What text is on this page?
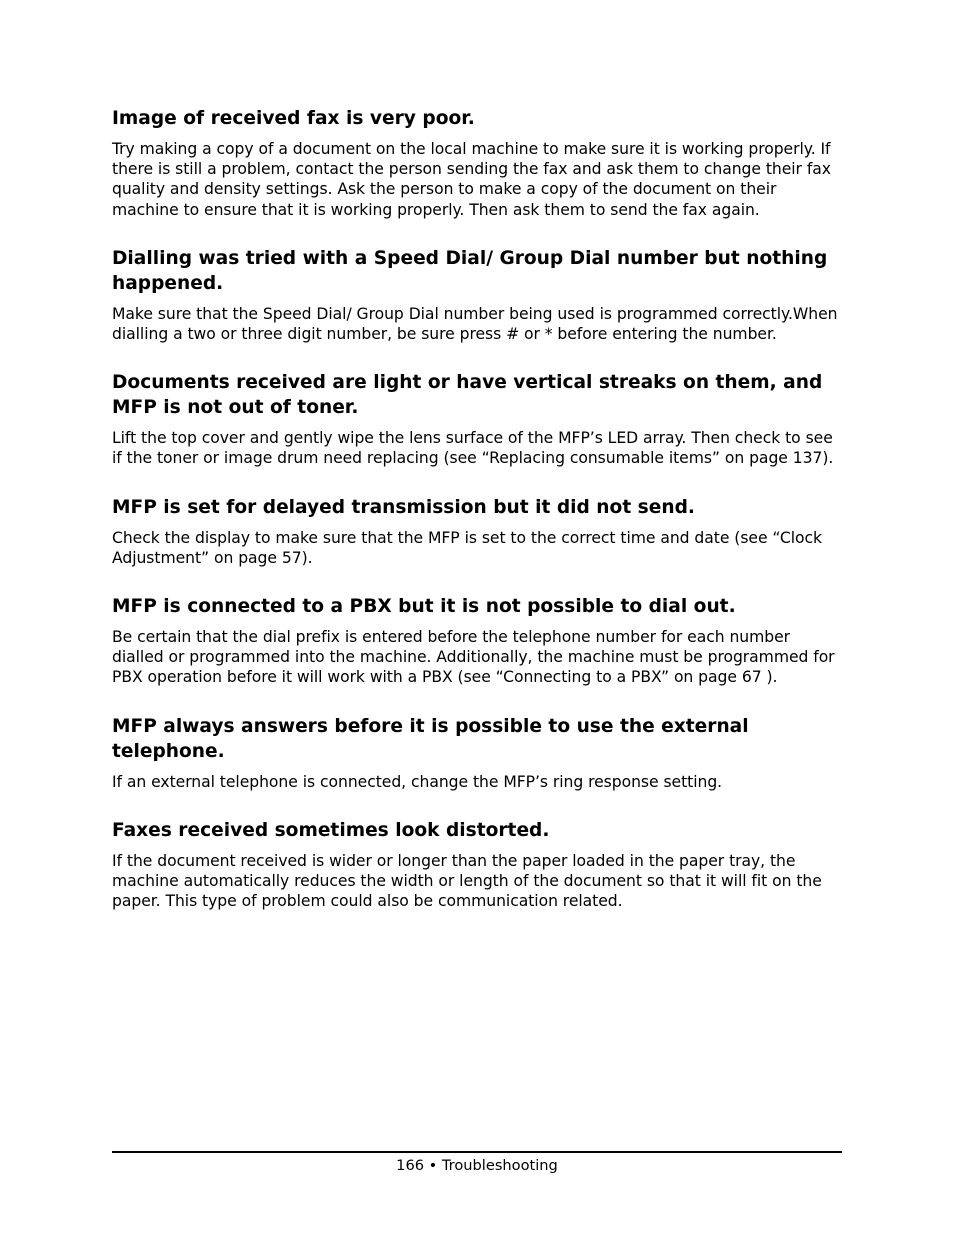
Image of received fax is very poor.

Try making a copy of a document on the local machine to make sure it is working properly. If there is still a problem, contact the person sending the fax and ask them to change their fax quality and density settings. Ask the person to make a copy of the document on their machine to ensure that it is working properly. Then ask them to send the fax again.

Dialling was tried with a Speed Dial/ Group Dial number but nothing happened.

Make sure that the Speed Dial/ Group Dial number being used is programmed correctly.When dialling a two or three digit number, be sure press # or * before entering the number.

Documents received are light or have vertical streaks on them, and MFP is not out of toner.

Lift the top cover and gently wipe the lens surface of the MFP’s LED array. Then check to see if the toner or image drum need replacing (see “Replacing consumable items” on page 137).

MFP is set for delayed transmission but it did not send.

Check the display to make sure that the MFP is set to the correct time and date (see “Clock Adjustment” on page 57).

MFP is connected to a PBX but it is not possible to dial out.

Be certain that the dial prefix is entered before the telephone number for each number dialled or programmed into the machine. Additionally, the machine must be programmed for PBX operation before it will work with a PBX (see “Connecting to a PBX” on page 67 ).

MFP always answers before it is possible to use the external telephone.

If an external telephone is connected, change the MFP’s ring response setting.

Faxes received sometimes look distorted.

If the document received is wider or longer than the paper loaded in the paper tray, the machine automatically reduces the width or length of the document so that it will fit on the paper. This type of problem could also be communication related.

166 • Troubleshooting
